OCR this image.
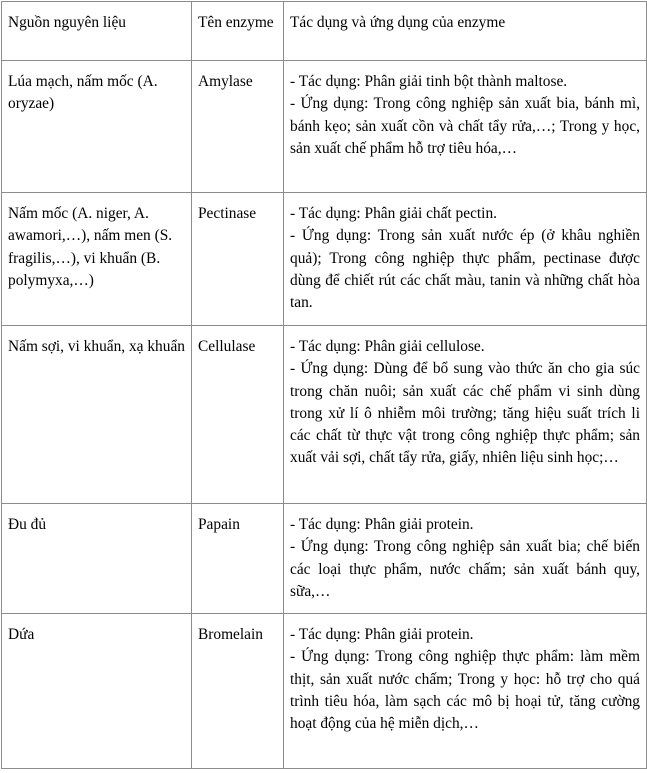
Nguồn nguyên liệu	Tên enzyme	Tác dụng và ứng dụng của enzyme
Lúa mạch, nấm mốc (A. oryzae)	Amylase	- Tác dụng: Phân giải tinh bột thành maltose.
- Ứng dụng: Trong công nghiệp sản xuất bia, bánh mì, bánh kẹo; sản xuất cồn và chất tẩy rửa,…; Trong y học, sản xuất chế phẩm hỗ trợ tiêu hóa,…

Nấm mốc (A. niger, A. awamori,…), nấm men (S. fragilis,…), vi khuẩn (B. polymyxa,…)	Pectinase	- Tác dụng: Phân giải chất pectin.
- Ứng dụng: Trong sản xuất nước ép (ở khâu nghiền quả); Trong công nghiệp thực phẩm, pectinase được dùng để chiết rút các chất màu, tanin và những chất hòa tan.

Nấm sợi, vi khuẩn, xạ khuẩn	Cellulase	- Tác dụng: Phân giải cellulose.
- Ứng dụng: Dùng để bổ sung vào thức ăn cho gia súc trong chăn nuôi; sản xuất các chế phẩm vi sinh dùng trong xử lí ô nhiễm môi trường; tăng hiệu suất trích li các chất từ thực vật trong công nghiệp thực phẩm; sản xuất vải sợi, chất tẩy rửa, giấy, nhiên liệu sinh học;…

Đu đủ	Papain	- Tác dụng: Phân giải protein.
- Ứng dụng: Trong công nghiệp sản xuất bia; chế biến các loại thực phẩm, nước chấm; sản xuất bánh quy, sữa,…

Dứa	Bromelain	- Tác dụng: Phân giải protein.
- Ứng dụng: Trong công nghiệp thực phẩm: làm mềm thịt, sản xuất nước chấm; Trong y học: hỗ trợ cho quá trình tiêu hóa, làm sạch các mô bị hoại tử, tăng cường hoạt động của hệ miễn dịch,…
